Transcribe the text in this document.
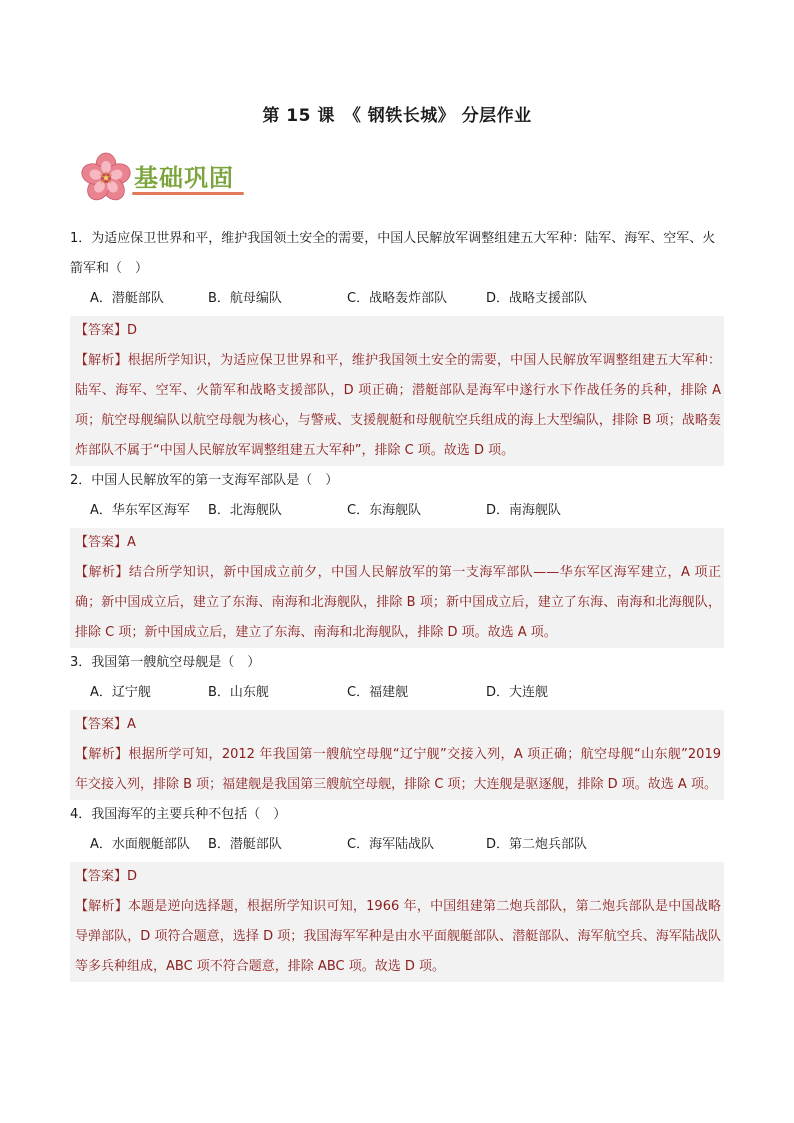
第 15 课　《 钢铁长城》 分层作业
基础巩固
1．为适应保卫世界和平，维护我国领土安全的需要，中国人民解放军调整组建五大军种：陆军、海军、空军、火箭军和（　）
A．潜艇部队	B．航母编队	C．战略轰炸部队	D．战略支援部队
【答案】D
【解析】根据所学知识，为适应保卫世界和平，维护我国领土安全的需要，中国人民解放军调整组建五大军种：陆军、海军、空军、火箭军和战略支援部队，D 项正确；潜艇部队是海军中遂行水下作战任务的兵种，排除 A 项；航空母舰编队以航空母舰为核心，与警戒、支援舰艇和母舰航空兵组成的海上大型编队，排除 B 项；战略轰炸部队不属于“中国人民解放军调整组建五大军种”，排除 C 项。故选 D 项。
2．中国人民解放军的第一支海军部队是（　）
A．华东军区海军	B．北海舰队	C．东海舰队	D．南海舰队
【答案】A
【解析】结合所学知识，新中国成立前夕，中国人民解放军的第一支海军部队——华东军区海军建立，A 项正确；新中国成立后，建立了东海、南海和北海舰队，排除 B 项；新中国成立后，建立了东海、南海和北海舰队，排除 C 项；新中国成立后，建立了东海、南海和北海舰队，排除 D 项。故选 A 项。
3．我国第一艘航空母舰是（　）
A．辽宁舰	B．山东舰	C．福建舰	D．大连舰
【答案】A
【解析】根据所学可知，2012 年我国第一艘航空母舰“辽宁舰”交接入列，A 项正确；航空母舰“山东舰”2019 年交接入列，排除 B 项；福建舰是我国第三艘航空母舰，排除 C 项；大连舰是驱逐舰，排除 D 项。故选 A 项。
4．我国海军的主要兵种不包括（　）
A．水面舰艇部队	B．潜艇部队	C．海军陆战队	D．第二炮兵部队
【答案】D
【解析】本题是逆向选择题，根据所学知识可知，1966 年，中国组建第二炮兵部队，第二炮兵部队是中国战略导弹部队，D 项符合题意，选择 D 项；我国海军军种是由水平面舰艇部队、潜艇部队、海军航空兵、海军陆战队等多兵种组成，ABC 项不符合题意，排除 ABC 项。故选 D 项。
